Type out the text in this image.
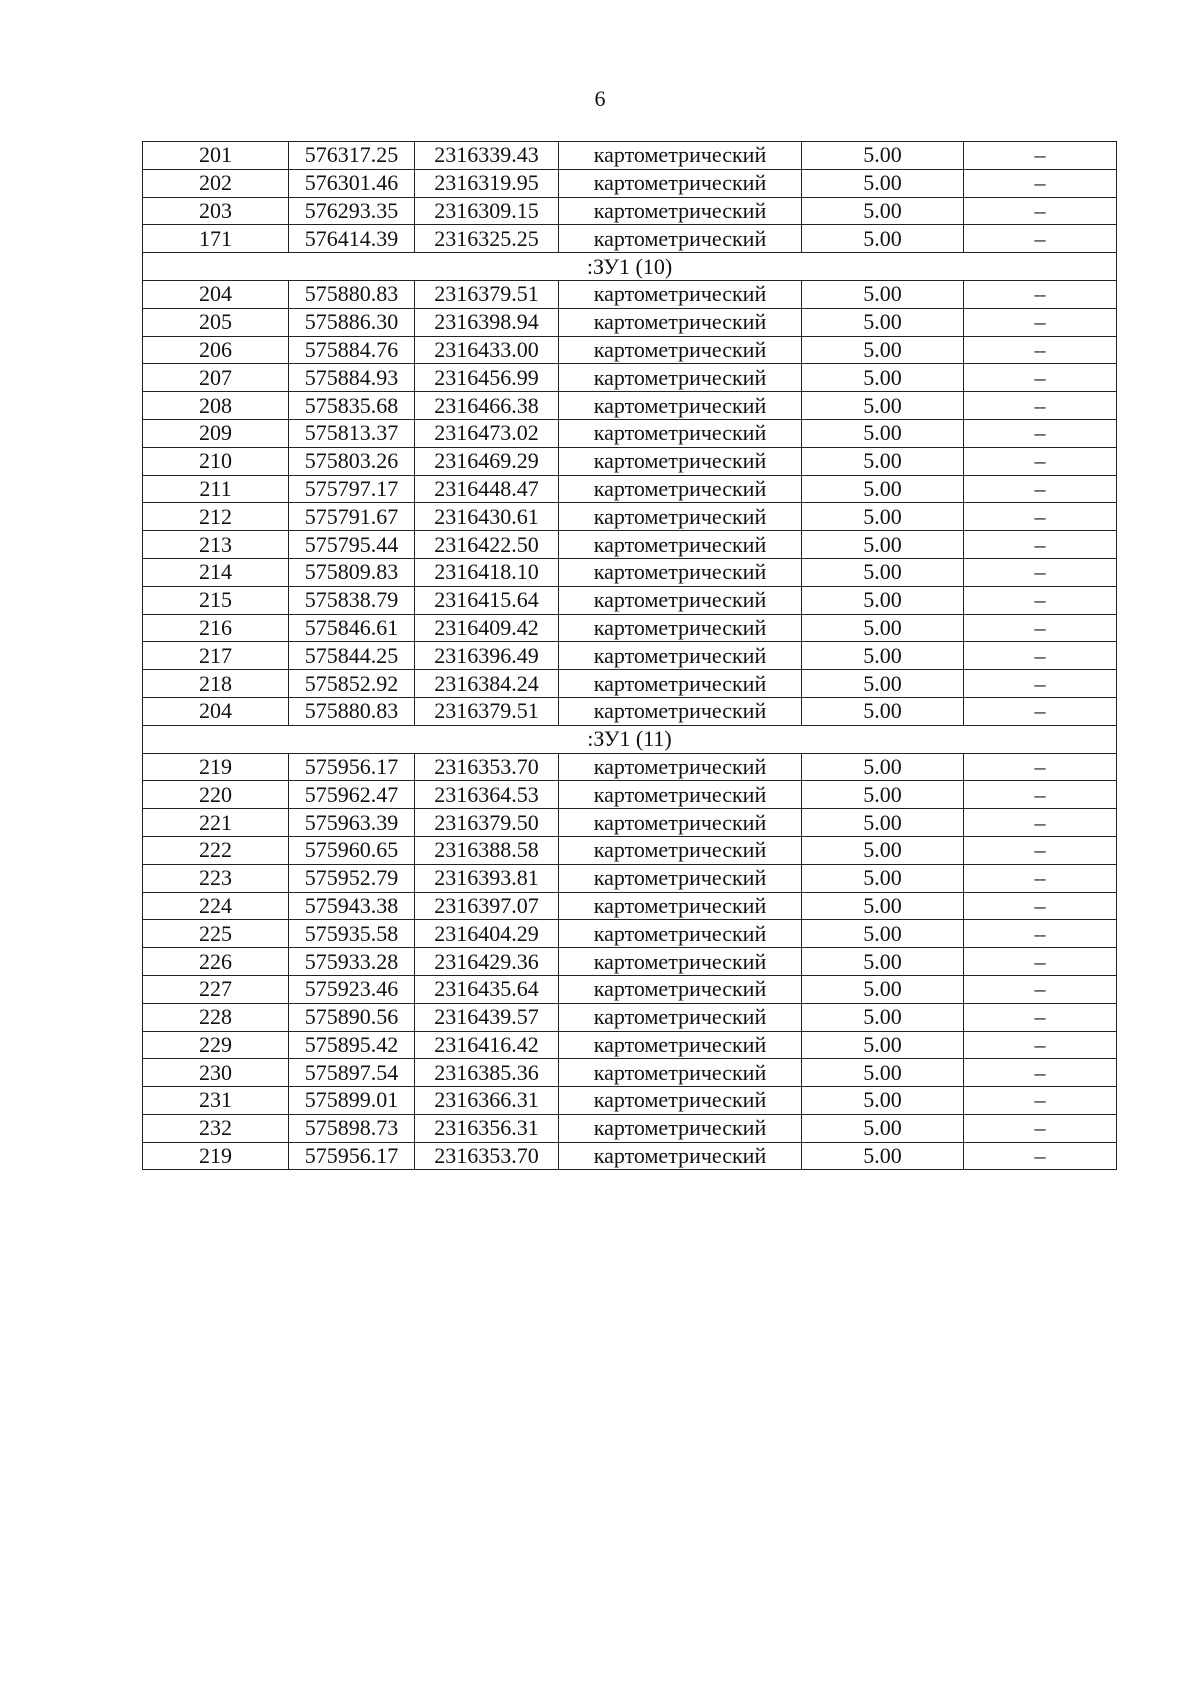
6
201	576317.25	2316339.43	картометрический	5.00	–
202	576301.46	2316319.95	картометрический	5.00	–
203	576293.35	2316309.15	картометрический	5.00	–
171	576414.39	2316325.25	картометрический	5.00	–
:ЗУ1 (10)					
204	575880.83	2316379.51	картометрический	5.00	–
205	575886.30	2316398.94	картометрический	5.00	–
206	575884.76	2316433.00	картометрический	5.00	–
207	575884.93	2316456.99	картометрический	5.00	–
208	575835.68	2316466.38	картометрический	5.00	–
209	575813.37	2316473.02	картометрический	5.00	–
210	575803.26	2316469.29	картометрический	5.00	–
211	575797.17	2316448.47	картометрический	5.00	–
212	575791.67	2316430.61	картометрический	5.00	–
213	575795.44	2316422.50	картометрический	5.00	–
214	575809.83	2316418.10	картометрический	5.00	–
215	575838.79	2316415.64	картометрический	5.00	–
216	575846.61	2316409.42	картометрический	5.00	–
217	575844.25	2316396.49	картометрический	5.00	–
218	575852.92	2316384.24	картометрический	5.00	–
204	575880.83	2316379.51	картометрический	5.00	–
:ЗУ1 (11)					
219	575956.17	2316353.70	картометрический	5.00	–
220	575962.47	2316364.53	картометрический	5.00	–
221	575963.39	2316379.50	картометрический	5.00	–
222	575960.65	2316388.58	картометрический	5.00	–
223	575952.79	2316393.81	картометрический	5.00	–
224	575943.38	2316397.07	картометрический	5.00	–
225	575935.58	2316404.29	картометрический	5.00	–
226	575933.28	2316429.36	картометрический	5.00	–
227	575923.46	2316435.64	картометрический	5.00	–
228	575890.56	2316439.57	картометрический	5.00	–
229	575895.42	2316416.42	картометрический	5.00	–
230	575897.54	2316385.36	картометрический	5.00	–
231	575899.01	2316366.31	картометрический	5.00	–
232	575898.73	2316356.31	картометрический	5.00	–
219	575956.17	2316353.70	картометрический	5.00	–
